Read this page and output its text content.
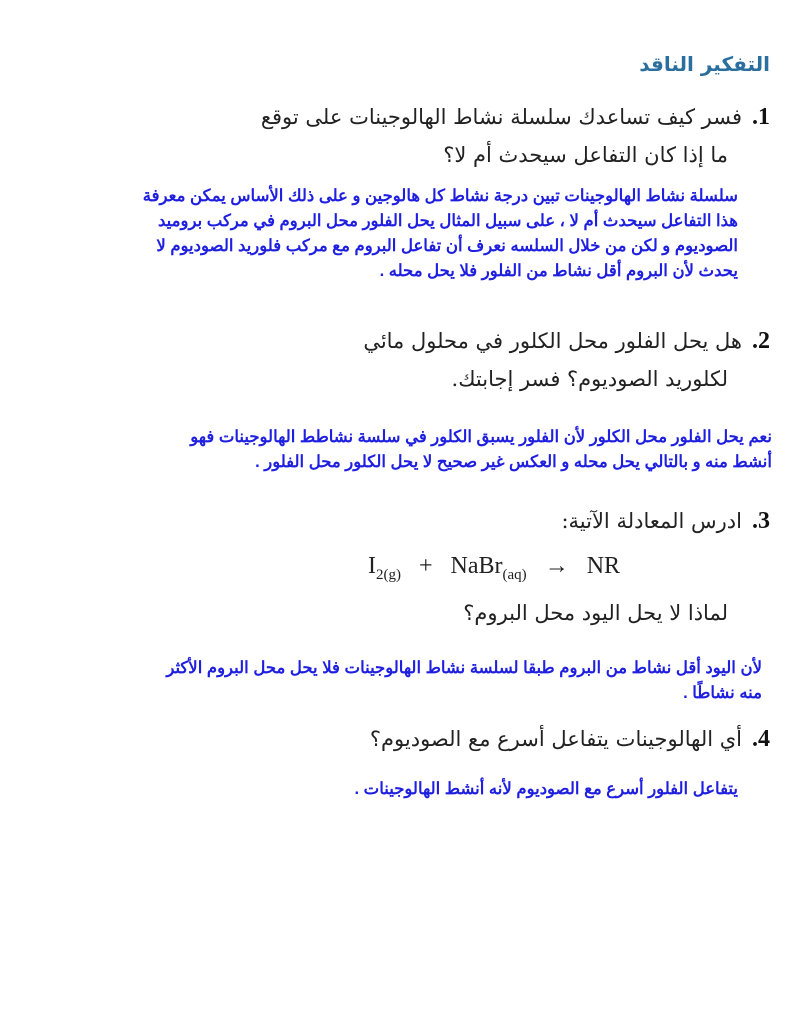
التفكير الناقد
1.فسر كيف تساعدك سلسلة نشاط الهالوجينات على توقع
ما إذا كان التفاعل سيحدث أم لا؟
سلسلة نشاط الهالوجينات تبين درجة نشاط كل هالوجين و على ذلك الأساس يمكن معرفة
هذا التفاعل سيحدث أم لا ، على سبيل المثال يحل الفلور محل البروم في مركب بروميد
الصوديوم و لكن من خلال السلسه نعرف أن تفاعل البروم مع مركب فلوريد الصوديوم لا
يحدث لأن البروم أقل نشاط من الفلور فلا يحل محله .
2.هل يحل الفلور محل الكلور في محلول مائي
لكلوريد الصوديوم؟ فسر إجابتك.
نعم يحل الفلور محل الكلور لأن الفلور يسبق الكلور في سلسة نشاطط الهالوجينات فهو
أنشط منه و بالتالي يحل محله و العكس غير صحيح لا يحل الكلور محل الفلور .
3.ادرس المعادلة الآتية:
$I_{2(g)}$ + NaBr$_{(aq)}$ → NR
لماذا لا يحل اليود محل البروم؟
لأن اليود أقل نشاط من البروم طبقا لسلسة نشاط الهالوجينات فلا يحل محل البروم الأكثر
منه نشاطًا .
4.أي الهالوجينات يتفاعل أسرع مع الصوديوم؟
يتفاعل الفلور أسرع مع الصوديوم لأنه أنشط الهالوجينات .
